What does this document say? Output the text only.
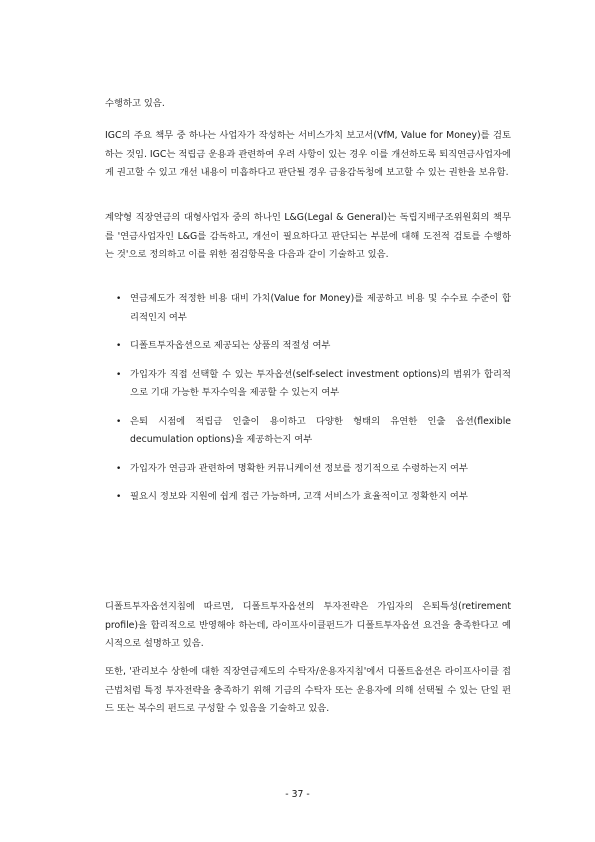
수행하고 있음.

IGC의 주요 책무 중 하나는 사업자가 작성하는 서비스가치 보고서(VfM, Value for Money)를 검토하는 것임. IGC는 적립금 운용과 관련하여 우려 사항이 있는 경우 이를 개선하도록 퇴직연금사업자에게 권고할 수 있고 개선 내용이 미흡하다고 판단될 경우 금융감독청에 보고할 수 있는 권한을 보유함.

계약형 직장연금의 대형사업자 중의 하나인 L&G(Legal & General)는 독립지배구조위원회의 책무를 '연금사업자인 L&G를 감독하고, 개선이 필요하다고 판단되는 부분에 대해 도전적 검토를 수행하는 것'으로 정의하고 이를 위한 점검항목을 다음과 같이 기술하고 있음.

• 연금제도가 적정한 비용 대비 가치(Value for Money)를 제공하고 비용 및 수수료 수준이 합리적인지 여부
• 디폴트투자옵션으로 제공되는 상품의 적절성 여부
• 가입자가 직접 선택할 수 있는 투자옵션(self-select investment options)의 범위가 합리적으로 기대 가능한 투자수익을 제공할 수 있는지 여부
• 은퇴 시점에 적립금 인출이 용이하고 다양한 형태의 유연한 인출 옵션(flexible decumulation options)을 제공하는지 여부
• 가입자가 연금과 관련하여 명확한 커뮤니케이션 정보를 정기적으로 수령하는지 여부
• 필요시 정보와 지원에 쉽게 접근 가능하며, 고객 서비스가 효율적이고 정확한지 여부

디폴트투자옵션지침에 따르면, 디폴트투자옵션의 투자전략은 가입자의 은퇴특성(retirement profile)을 합리적으로 반영해야 하는데, 라이프사이클펀드가 디폴트투자옵션 요건을 충족한다고 예시적으로 설명하고 있음.

또한, '관리보수 상한에 대한 직장연금제도의 수탁자/운용자지침'에서 디폴트옵션은 라이프사이클 접근법처럼 특정 투자전략을 충족하기 위해 기금의 수탁자 또는 운용자에 의해 선택될 수 있는 단일 펀드 또는 복수의 펀드로 구성할 수 있음을 기술하고 있음.

- 37 -
